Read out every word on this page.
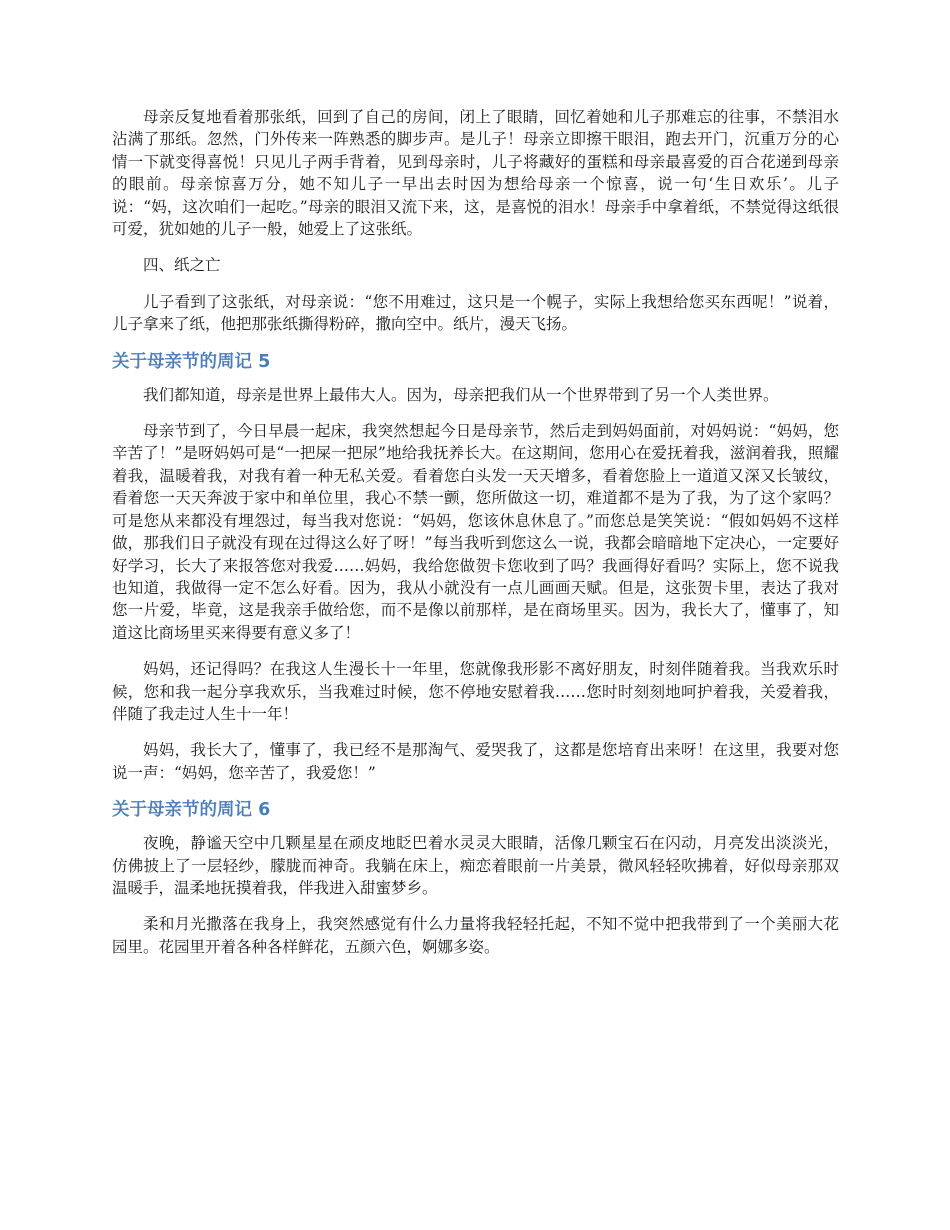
母亲反复地看着那张纸，回到了自己的房间，闭上了眼睛，回忆着她和儿子那难忘的往事，不禁泪水沾满了那纸。忽然，门外传来一阵熟悉的脚步声。是儿子！母亲立即擦干眼泪，跑去开门，沉重万分的心情一下就变得喜悦！只见儿子两手背着，见到母亲时，儿子将藏好的蛋糕和母亲最喜爱的百合花递到母亲的眼前。母亲惊喜万分，她不知儿子一早出去时因为想给母亲一个惊喜，说一句‘生日欢乐’。儿子说：“妈，这次咱们一起吃。”母亲的眼泪又流下来，这，是喜悦的泪水！母亲手中拿着纸，不禁觉得这纸很可爱，犹如她的儿子一般，她爱上了这张纸。

四、纸之亡

儿子看到了这张纸，对母亲说：“您不用难过，这只是一个幌子，实际上我想给您买东西呢！”说着，儿子拿来了纸，他把那张纸撕得粉碎，撒向空中。纸片，漫天飞扬。

关于母亲节的周记 5

我们都知道，母亲是世界上最伟大人。因为，母亲把我们从一个世界带到了另一个人类世界。

母亲节到了，今日早晨一起床，我突然想起今日是母亲节，然后走到妈妈面前，对妈妈说：“妈妈，您辛苦了！”是呀妈妈可是“一把屎一把尿”地给我抚养长大。在这期间，您用心在爱抚着我，滋润着我，照耀着我，温暖着我，对我有着一种无私关爱。看着您白头发一天天增多，看着您脸上一道道又深又长皱纹，看着您一天天奔波于家中和单位里，我心不禁一颤，您所做这一切，难道都不是为了我，为了这个家吗？可是您从来都没有埋怨过，每当我对您说：“妈妈，您该休息休息了。”而您总是笑笑说：“假如妈妈不这样做，那我们日子就没有现在过得这么好了呀！”每当我听到您这么一说，我都会暗暗地下定决心，一定要好好学习，长大了来报答您对我爱……妈妈，我给您做贺卡您收到了吗？我画得好看吗？实际上，您不说我也知道，我做得一定不怎么好看。因为，我从小就没有一点儿画画天赋。但是，这张贺卡里，表达了我对您一片爱，毕竟，这是我亲手做给您，而不是像以前那样，是在商场里买。因为，我长大了，懂事了，知道这比商场里买来得要有意义多了！

妈妈，还记得吗？在我这人生漫长十一年里，您就像我形影不离好朋友，时刻伴随着我。当我欢乐时候，您和我一起分享我欢乐，当我难过时候，您不停地安慰着我……您时时刻刻地呵护着我，关爱着我，伴随了我走过人生十一年！

妈妈，我长大了，懂事了，我已经不是那淘气、爱哭我了，这都是您培育出来呀！在这里，我要对您说一声：“妈妈，您辛苦了，我爱您！”

关于母亲节的周记 6

夜晚，静谧天空中几颗星星在顽皮地眨巴着水灵灵大眼睛，活像几颗宝石在闪动，月亮发出淡淡光，仿佛披上了一层轻纱，朦胧而神奇。我躺在床上，痴恋着眼前一片美景，微风轻轻吹拂着，好似母亲那双温暖手，温柔地抚摸着我，伴我进入甜蜜梦乡。

柔和月光撒落在我身上，我突然感觉有什么力量将我轻轻托起，不知不觉中把我带到了一个美丽大花园里。花园里开着各种各样鲜花，五颜六色，婀娜多姿。
